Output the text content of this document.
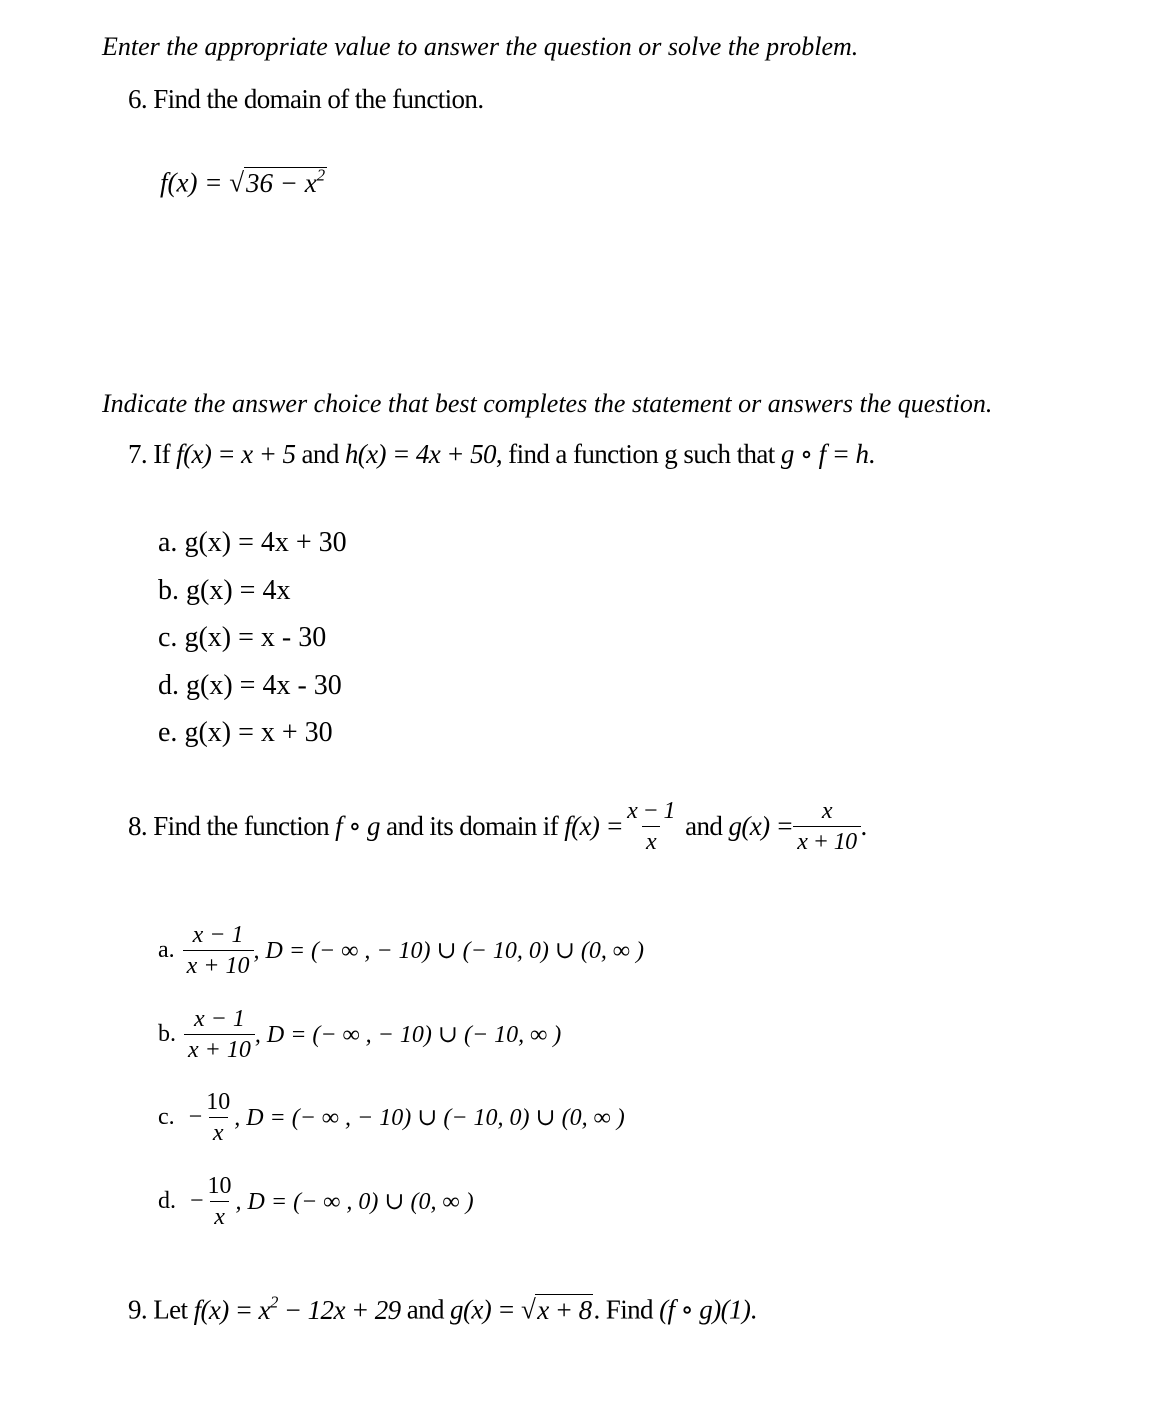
Enter the appropriate value to answer the question or solve the problem.
6. Find the domain of the function.
$f(x) = √36 - x^2$
Indicate the answer choice that best completes the statement or answers the question.
7. If f(x) = x + 5 and h(x) = 4x + 50, find a function g such that g ∘ f = h.
a. g(x) = 4x + 30
b. g(x) = 4x
c. g(x) = x - 30
d. g(x) = 4x - 30
e. g(x) = x + 30
8.
Find the function
f ∘ g
and its domain if
$f(x) = \frac{x - 1}{x}$
and
$g(x) = \frac{x}{x + 10}$ .
a. $\frac{x - 1}{x + 10}$ , D = (− ∞ , − 10) ∪ (− 10, 0) ∪ (0, ∞ )
b. $\frac{x - 1}{x + 10}$ , D = (− ∞ , − 10) ∪ (− 10, ∞ )
c. − $\frac{10}{x}$ , D = (− ∞ , − 10) ∪ (− 10, 0) ∪ (0, ∞ )
d. − $\frac{10}{x}$ , D = (− ∞ , 0) ∪ (0, ∞ )
9. Let $f(x) = x^2 - 12x + 29$ and g(x) = √x + 8. Find (f ∘ g)(1).
